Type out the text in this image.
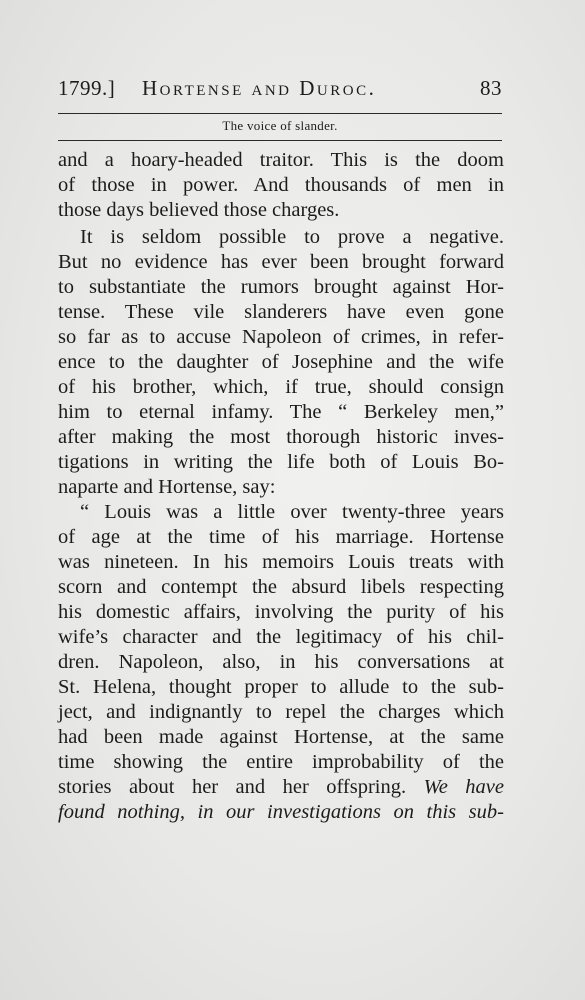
1799.] Hortense and Duroc.	83
The voice of slander.
and a hoary-headed traitor. This is the doom
of those in power. And thousands of men in
those days believed those charges.
It is seldom possible to prove a negative.
But no evidence has ever been brought forward
to substantiate the rumors brought against Hor-
tense. These vile slanderers have even gone
so far as to accuse Napoleon of crimes, in refer-
ence to the daughter of Josephine and the wife
of his brother, which, if true, should consign
him to eternal infamy. The “ Berkeley men,”
after making the most thorough historic inves-
tigations in writing the life both of Louis Bo-
naparte and Hortense, say:
“ Louis was a little over twenty-three years
of age at the time of his marriage. Hortense
was nineteen. In his memoirs Louis treats with
scorn and contempt the absurd libels respecting
his domestic affairs, involving the purity of his
wife’s character and the legitimacy of his chil-
dren. Napoleon, also, in his conversations at
St. Helena, thought proper to allude to the sub-
ject, and indignantly to repel the charges which
had been made against Hortense, at the same
time showing the entire improbability of the
stories about her and her offspring. We have
found nothing, in our investigations on this sub-
